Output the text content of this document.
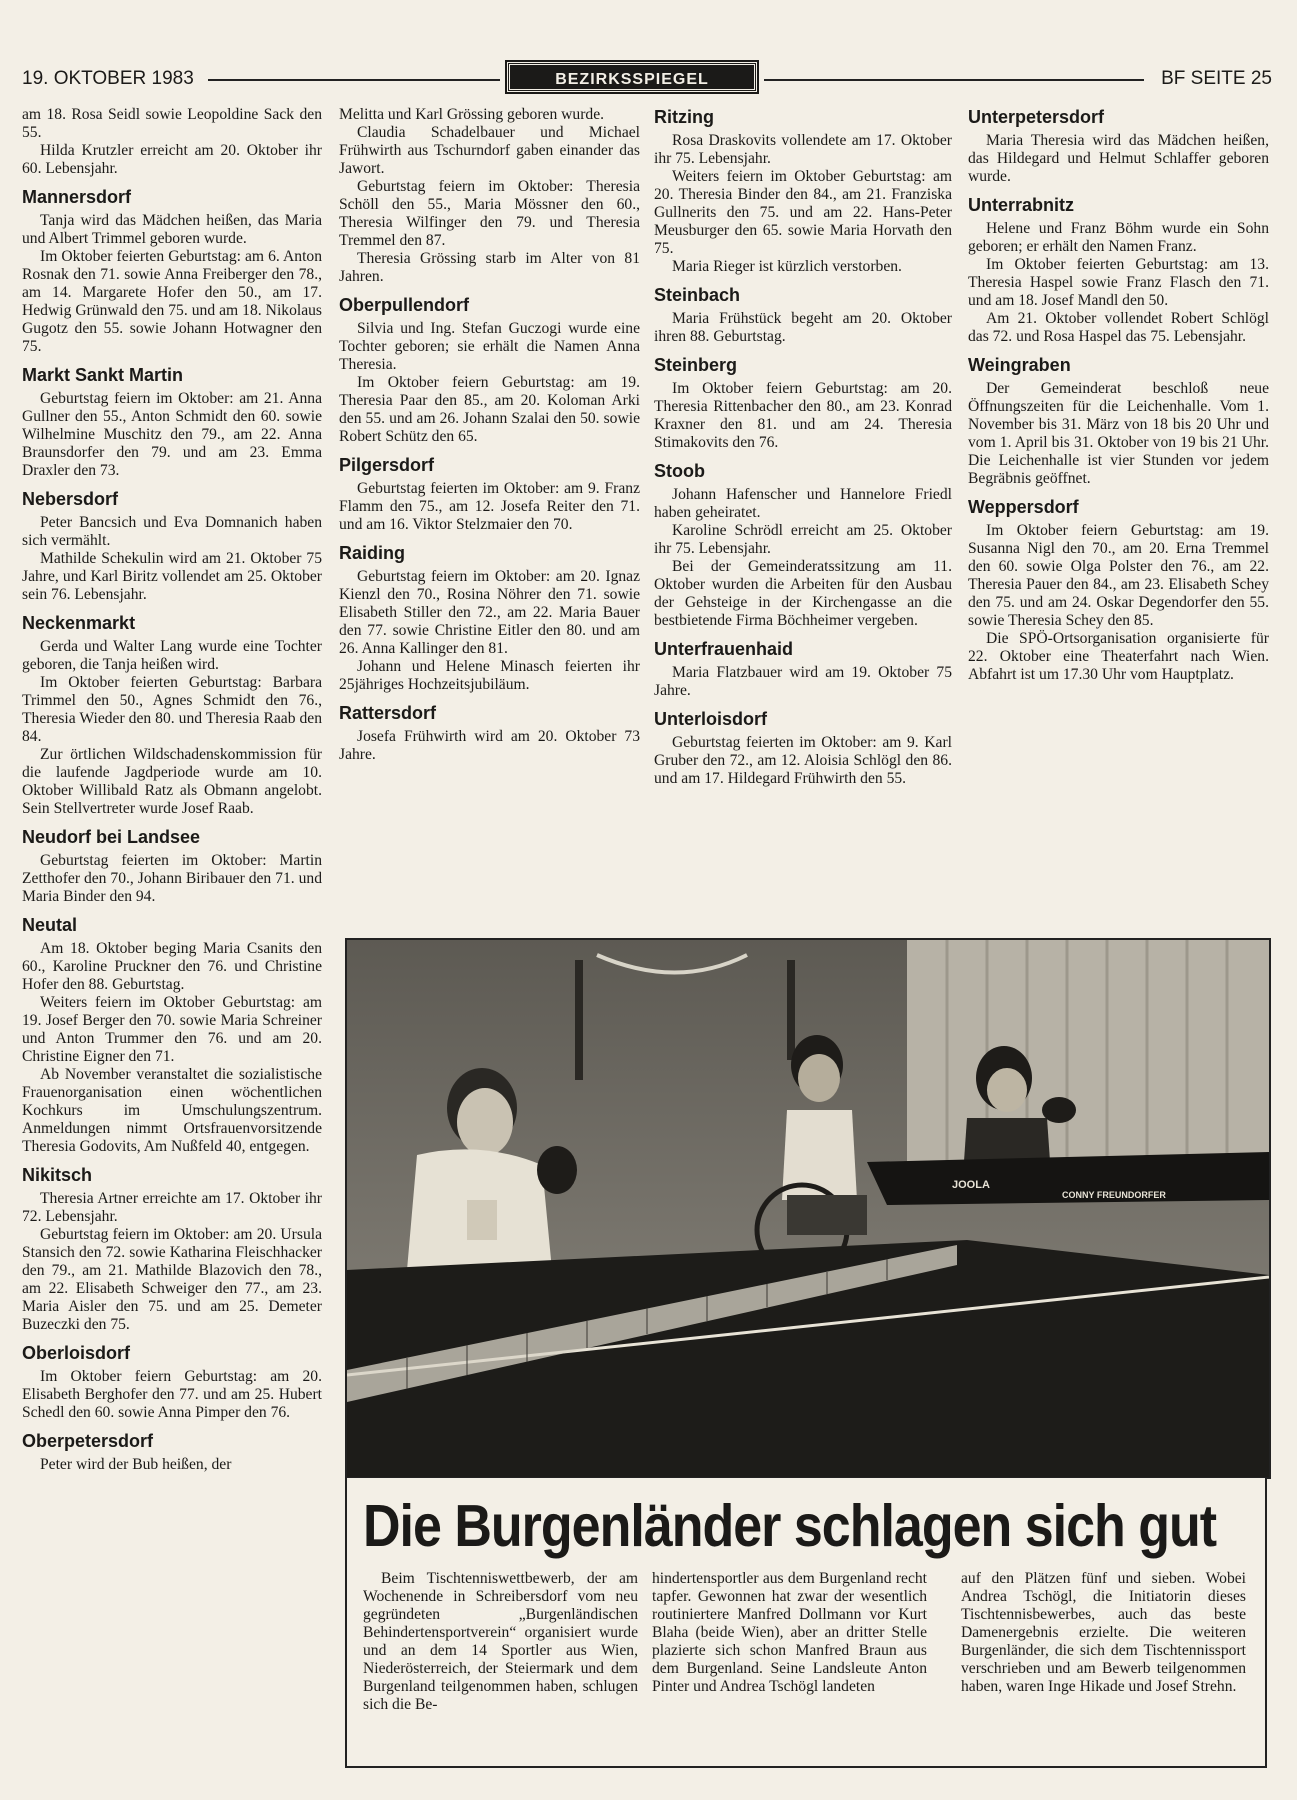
19. OKTOBER 1983	BEZIRKSSPIEGEL	BF SEITE 25

am 18. Rosa Seidl sowie Leopoldine Sack den 55.

Hilda Krutzler erreicht am 20. Oktober ihr 60. Lebensjahr.

Mannersdorf

Tanja wird das Mädchen heißen, das Maria und Albert Trimmel geboren wurde.

Im Oktober feierten Geburtstag: am 6. Anton Rosnak den 71. sowie Anna Freiberger den 78., am 14. Margarete Hofer den 50., am 17. Hedwig Grünwald den 75. und am 18. Nikolaus Gugotz den 55. sowie Johann Hotwagner den 75.

Markt Sankt Martin

Geburtstag feiern im Oktober: am 21. Anna Gullner den 55., Anton Schmidt den 60. sowie Wilhelmine Muschitz den 79., am 22. Anna Braunsdorfer den 79. und am 23. Emma Draxler den 73.

Nebersdorf

Peter Bancsich und Eva Domnanich haben sich vermählt.

Mathilde Schekulin wird am 21. Oktober 75 Jahre, und Karl Biritz vollendet am 25. Oktober sein 76. Lebensjahr.

Neckenmarkt

Gerda und Walter Lang wurde eine Tochter geboren, die Tanja heißen wird.

Im Oktober feierten Geburtstag: Barbara Trimmel den 50., Agnes Schmidt den 76., Theresia Wieder den 80. und Theresia Raab den 84.

Zur örtlichen Wildschadenskommission für die laufende Jagdperiode wurde am 10. Oktober Willibald Ratz als Obmann angelobt. Sein Stellvertreter wurde Josef Raab.

Neudorf bei Landsee

Geburtstag feierten im Oktober: Martin Zetthofer den 70., Johann Biribauer den 71. und Maria Binder den 94.

Neutal

Am 18. Oktober beging Maria Csanits den 60., Karoline Pruckner den 76. und Christine Hofer den 88. Geburtstag.

Weiters feiern im Oktober Geburtstag: am 19. Josef Berger den 70. sowie Maria Schreiner und Anton Trummer den 76. und am 20. Christine Eigner den 71.

Ab November veranstaltet die sozialistische Frauenorganisation einen wöchentlichen Kochkurs im Umschulungszentrum. Anmeldungen nimmt Ortsfrauenvorsitzende Theresia Godovits, Am Nußfeld 40, entgegen.

Nikitsch

Theresia Artner erreichte am 17. Oktober ihr 72. Lebensjahr.

Geburtstag feiern im Oktober: am 20. Ursula Stansich den 72. sowie Katharina Fleischhacker den 79., am 21. Mathilde Blazovich den 78., am 22. Elisabeth Schweiger den 77., am 23. Maria Aisler den 75. und am 25. Demeter Buzeczki den 75.

Oberloisdorf

Im Oktober feiern Geburtstag: am 20. Elisabeth Berghofer den 77. und am 25. Hubert Schedl den 60. sowie Anna Pimper den 76.

Oberpetersdorf

Peter wird der Bub heißen, der

Melitta und Karl Grössing geboren wurde.

Claudia Schadelbauer und Michael Frühwirth aus Tschurndorf gaben einander das Jawort.

Geburtstag feiern im Oktober: Theresia Schöll den 55., Maria Mössner den 60., Theresia Wilfinger den 79. und Theresia Tremmel den 87.

Theresia Grössing starb im Alter von 81 Jahren.

Oberpullendorf

Silvia und Ing. Stefan Guczogi wurde eine Tochter geboren; sie erhält die Namen Anna Theresia.

Im Oktober feiern Geburtstag: am 19. Theresia Paar den 85., am 20. Koloman Arki den 55. und am 26. Johann Szalai den 50. sowie Robert Schütz den 65.

Pilgersdorf

Geburtstag feierten im Oktober: am 9. Franz Flamm den 75., am 12. Josefa Reiter den 71. und am 16. Viktor Stelzmaier den 70.

Raiding

Geburtstag feiern im Oktober: am 20. Ignaz Kienzl den 70., Rosina Nöhrer den 71. sowie Elisabeth Stiller den 72., am 22. Maria Bauer den 77. sowie Christine Eitler den 80. und am 26. Anna Kallinger den 81.

Johann und Helene Minasch feierten ihr 25jähriges Hochzeitsjubiläum.

Rattersdorf

Josefa Frühwirth wird am 20. Oktober 73 Jahre.

Ritzing

Rosa Draskovits vollendete am 17. Oktober ihr 75. Lebensjahr.

Weiters feiern im Oktober Geburtstag: am 20. Theresia Binder den 84., am 21. Franziska Gullnerits den 75. und am 22. Hans-Peter Meusburger den 65. sowie Maria Horvath den 75.

Maria Rieger ist kürzlich verstorben.

Steinbach

Maria Frühstück begeht am 20. Oktober ihren 88. Geburtstag.

Steinberg

Im Oktober feiern Geburtstag: am 20. Theresia Rittenbacher den 80., am 23. Konrad Kraxner den 81. und am 24. Theresia Stimakovits den 76.

Stoob

Johann Hafenscher und Hannelore Friedl haben geheiratet.

Karoline Schrödl erreicht am 25. Oktober ihr 75. Lebensjahr.

Bei der Gemeinderatssitzung am 11. Oktober wurden die Arbeiten für den Ausbau der Gehsteige in der Kirchengasse an die bestbietende Firma Böchheimer vergeben.

Unterfrauenhaid

Maria Flatzbauer wird am 19. Oktober 75 Jahre.

Unterloisdorf

Geburtstag feierten im Oktober: am 9. Karl Gruber den 72., am 12. Aloisia Schlögl den 86. und am 17. Hildegard Frühwirth den 55.

Unterpetersdorf

Maria Theresia wird das Mädchen heißen, das Hildegard und Helmut Schlaffer geboren wurde.

Unterrabnitz

Helene und Franz Böhm wurde ein Sohn geboren; er erhält den Namen Franz.

Im Oktober feierten Geburtstag: am 13. Theresia Haspel sowie Franz Flasch den 71. und am 18. Josef Mandl den 50.

Am 21. Oktober vollendet Robert Schlögl das 72. und Rosa Haspel das 75. Lebensjahr.

Weingraben

Der Gemeinderat beschloß neue Öffnungszeiten für die Leichenhalle. Vom 1. November bis 31. März von 18 bis 20 Uhr und vom 1. April bis 31. Oktober von 19 bis 21 Uhr. Die Leichenhalle ist vier Stunden vor jedem Begräbnis geöffnet.

Weppersdorf

Im Oktober feiern Geburtstag: am 19. Susanna Nigl den 70., am 20. Erna Tremmel den 60. sowie Olga Polster den 76., am 22. Theresia Pauer den 84., am 23. Elisabeth Schey den 75. und am 24. Oskar Degendorfer den 55. sowie Theresia Schey den 85.

Die SPÖ-Ortsorganisation organisierte für 22. Oktober eine Theaterfahrt nach Wien. Abfahrt ist um 17.30 Uhr vom Hauptplatz.

JOOLA
CONNY FREUNDORFER
Die Burgenländer schlagen sich gut

Beim Tischtenniswettbewerb, der am Wochenende in Schreibersdorf vom neu gegründeten „Burgenländischen Behindertensportverein“ organisiert wurde und an dem 14 Sportler aus Wien, Niederösterreich, der Steiermark und dem Burgenland teilgenommen haben, schlugen sich die Be-

hindertensportler aus dem Burgenland recht tapfer. Gewonnen hat zwar der wesentlich routiniertere Manfred Dollmann vor Kurt Blaha (beide Wien), aber an dritter Stelle plazierte sich schon Manfred Braun aus dem Burgenland. Seine Landsleute Anton Pinter und Andrea Tschögl landeten

auf den Plätzen fünf und sieben. Wobei Andrea Tschögl, die Initiatorin dieses Tischtennisbewerbes, auch das beste Damenergebnis erzielte. Die weiteren Burgenländer, die sich dem Tischtennissport verschrieben und am Bewerb teilgenommen haben, waren Inge Hikade und Josef Strehn.
